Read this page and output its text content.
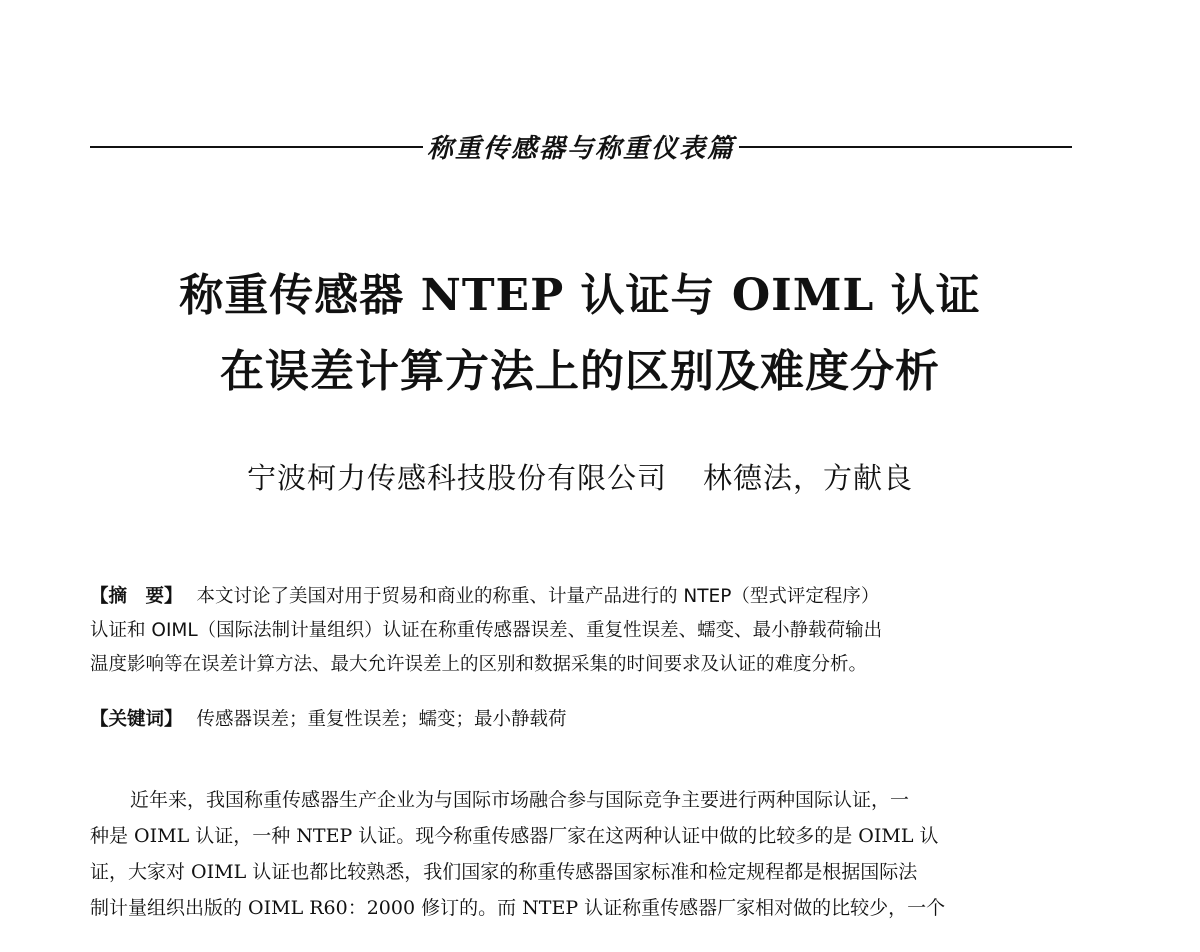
称重传感器与称重仪表篇
称重传感器 NTEP 认证与 OIML 认证
在误差计算方法上的区别及难度分析
宁波柯力传感科技股份有限公司 林德法，方献良
【摘　要】 本文讨论了美国对用于贸易和商业的称重、计量产品进行的 NTEP（型式评定程序）
认证和 OIML（国际法制计量组织）认证在称重传感器误差、重复性误差、蠕变、最小静载荷输出
温度影响等在误差计算方法、最大允许误差上的区别和数据采集的时间要求及认证的难度分析。
【关键词】 传感器误差；重复性误差；蠕变；最小静载荷
近年来，我国称重传感器生产企业为与国际市场融合参与国际竞争主要进行两种国际认证，一
种是 OIML 认证，一种 NTEP 认证。现今称重传感器厂家在这两种认证中做的比较多的是 OIML 认
证，大家对 OIML 认证也都比较熟悉，我们国家的称重传感器国家标准和检定规程都是根据国际法
制计量组织出版的 OIML R60：2000 修订的。而 NTEP 认证称重传感器厂家相对做的比较少，一个
